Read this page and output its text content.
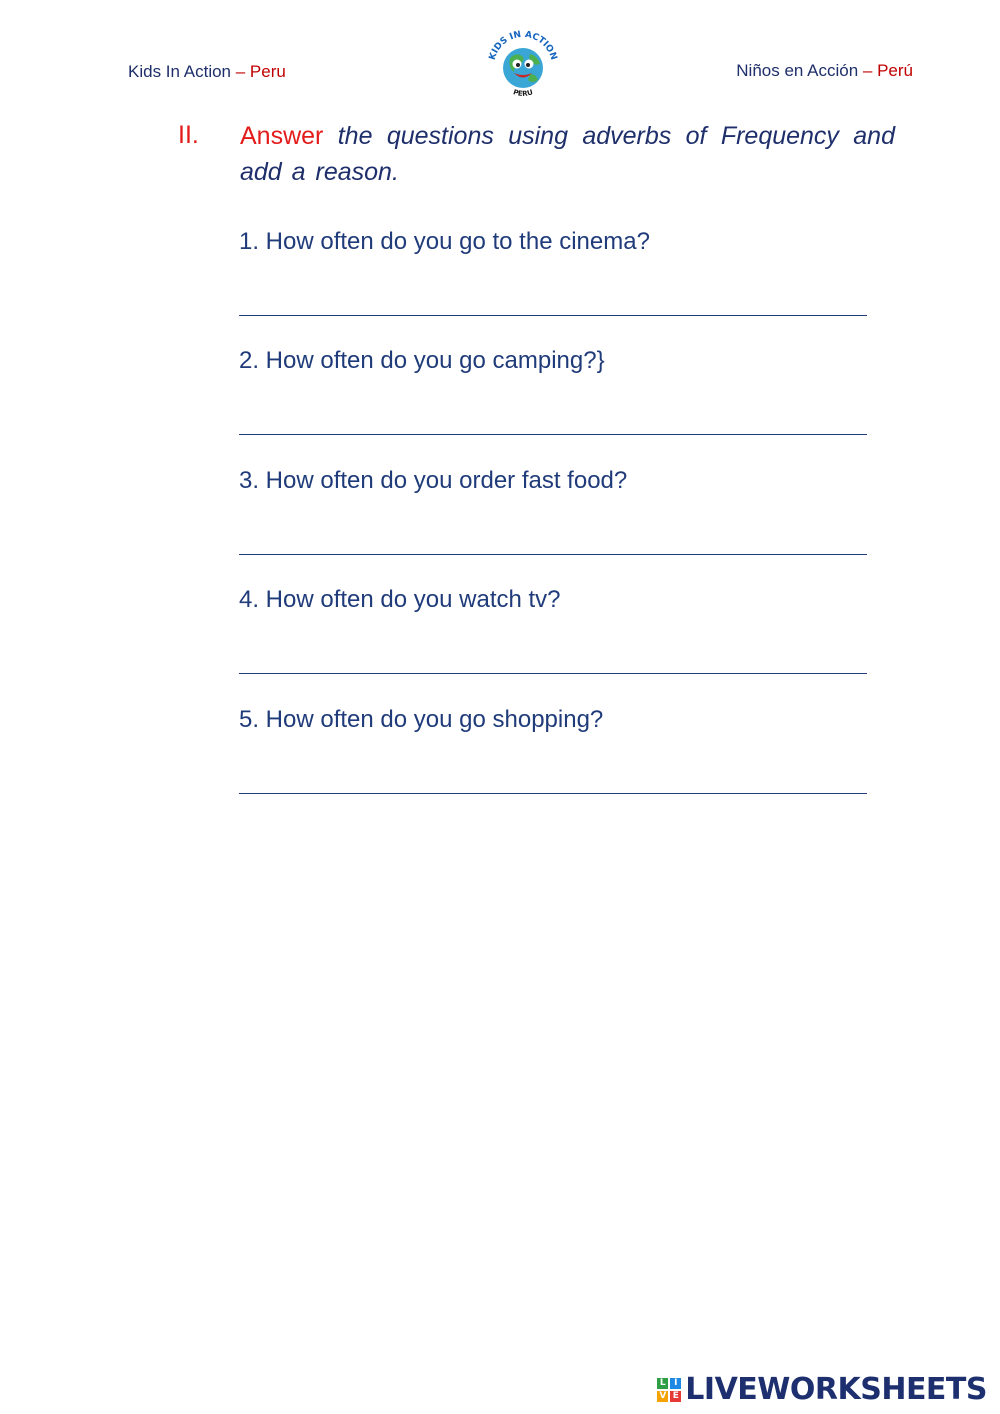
Kids In Action – Peru
KIDS IN ACTION
PERU
Niños en Acción – Perú
II. Answer the questions using adverbs of Frequency and add a reason.
1. How often do you go to the cinema?
2. How often do you go camping?}
3. How often do you order fast food?
4. How often do you watch tv?
5. How often do you go shopping?
L I
V E LIVEWORKSHEETS
